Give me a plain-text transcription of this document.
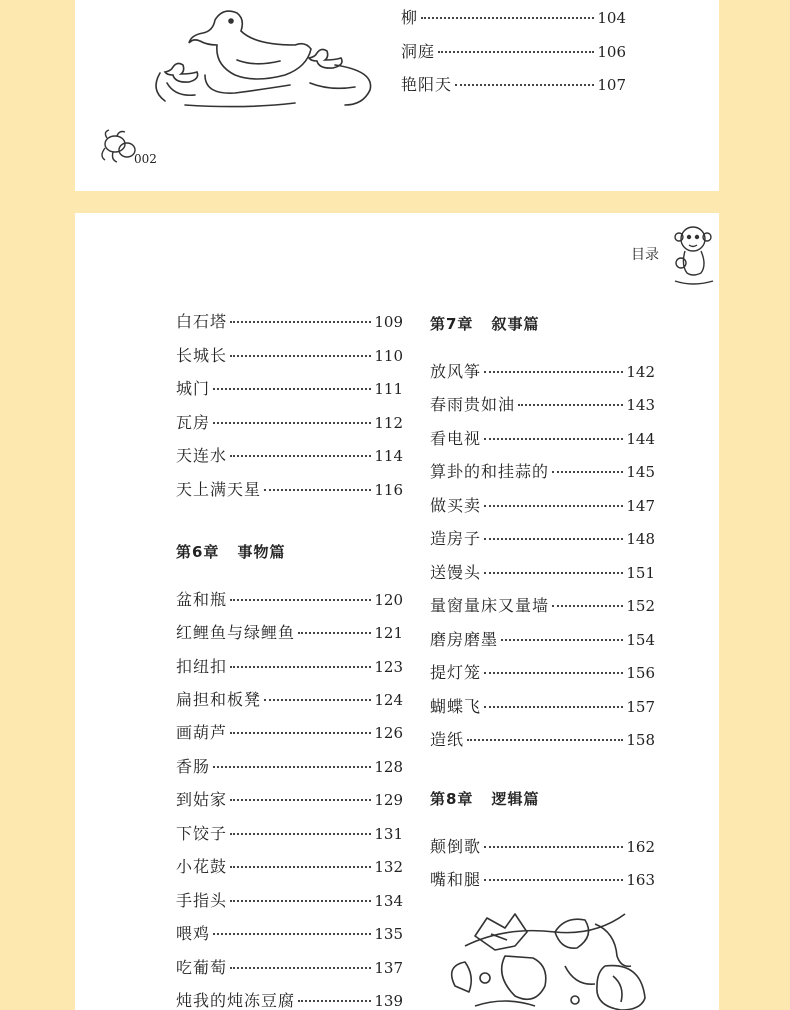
002
柳	104
洞庭	106
艳阳天	107
目录
白石塔	109
长城长	110
城门	111
瓦房	112
天连水	114
天上满天星	116
第6章 事物篇
盆和瓶	120
红鲤鱼与绿鲤鱼	121
扣纽扣	123
扁担和板凳	124
画葫芦	126
香肠	128
到姑家	129
下饺子	131
小花鼓	132
手指头	134
喂鸡	135
吃葡萄	137
炖我的炖冻豆腐	139
第7章 叙事篇
放风筝	142
春雨贵如油	143
看电视	144
算卦的和挂蒜的	145
做买卖	147
造房子	148
送馒头	151
量窗量床又量墙	152
磨房磨墨	154
提灯笼	156
蝴蝶飞	157
造纸	158
第8章 逻辑篇
颠倒歌	162
嘴和腿	163
